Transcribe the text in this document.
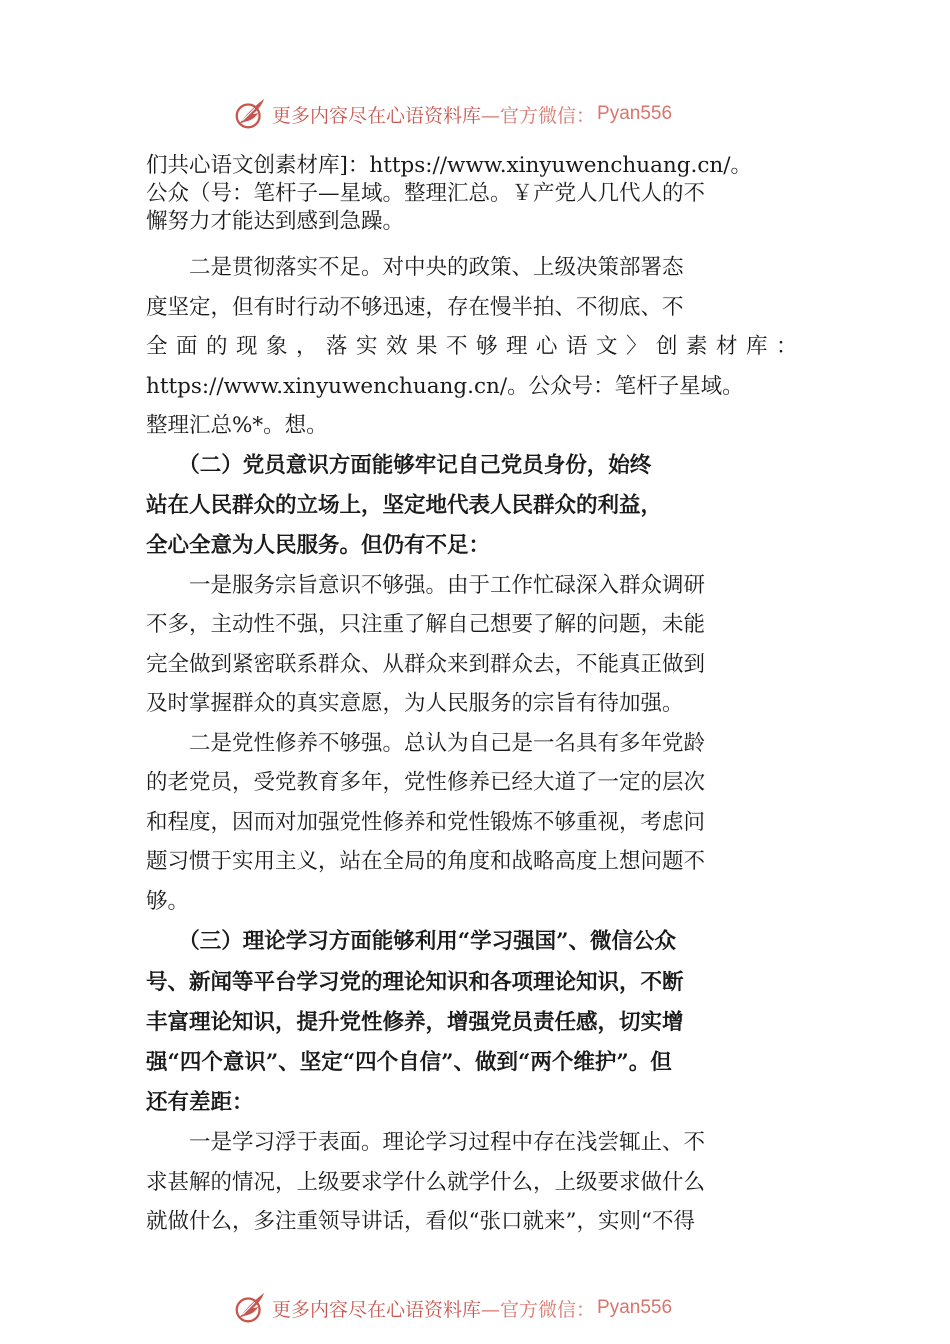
更多内容尽在心语资料库 —官方微信： Pyan556

们共心语文创素材库]：https://www.xinyuwenchuang.cn/。
公众（号：笔杆子—星域。整理汇总。￥产党人几代人的不
懈努力才能达到感到急躁。

　　二是贯彻落实不足。对中央的政策、上级决策部署态
度坚定，但有时行动不够迅速，存在慢半拍、不彻底、不
全面的现象，落实效果不够理心语文〉创素材库：
https://www.xinyuwenchuang.cn/。公众号：笔杆子星域。
整理汇总%*。想。

　　（二）党员意识方面能够牢记自己党员身份，始终
站在人民群众的立场上，坚定地代表人民群众的利益，
全心全意为人民服务。但仍有不足：

　　一是服务宗旨意识不够强。由于工作忙碌深入群众调研
不多，主动性不强，只注重了解自己想要了解的问题，未能
完全做到紧密联系群众、从群众来到群众去，不能真正做到
及时掌握群众的真实意愿，为人民服务的宗旨有待加强。

　　二是党性修养不够强。总认为自己是一名具有多年党龄
的老党员，受党教育多年，党性修养已经大道了一定的层次
和程度，因而对加强党性修养和党性锻炼不够重视，考虑问
题习惯于实用主义，站在全局的角度和战略高度上想问题不
够。

　　（三）理论学习方面能够利用“学习强国”、微信公众
号、新闻等平台学习党的理论知识和各项理论知识，不断
丰富理论知识，提升党性修养，增强党员责任感，切实增
强“四个意识”、坚定“四个自信”、做到“两个维护”。但
还有差距：

　　一是学习浮于表面。理论学习过程中存在浅尝辄止、不
求甚解的情况，上级要求学什么就学什么，上级要求做什么
就做什么，多注重领导讲话，看似“张口就来”，实则“不得

更多内容尽在心语资料库 —官方微信： Pyan556
